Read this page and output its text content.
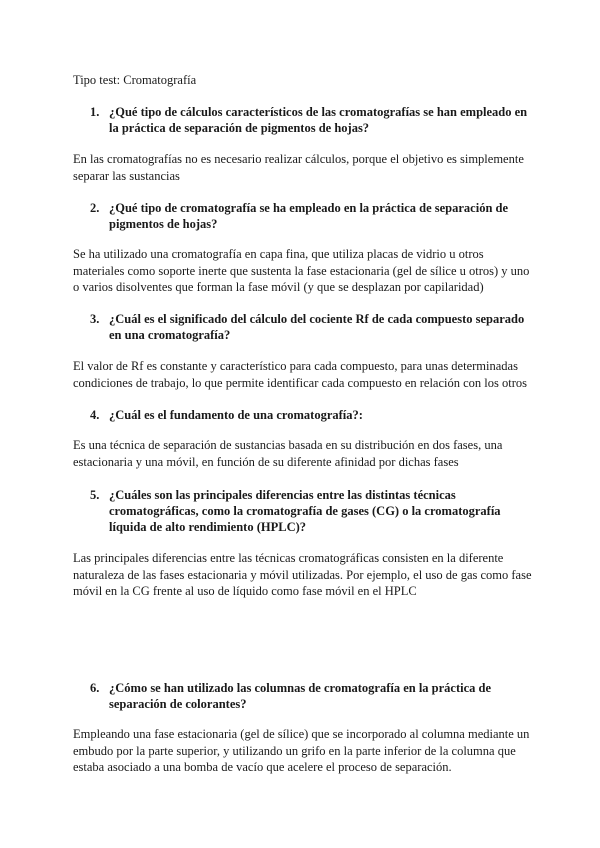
Tipo test: Cromatografía

1. ¿Qué tipo de cálculos característicos de las cromatografías se han empleado en la práctica de separación de pigmentos de hojas?

En las cromatografías no es necesario realizar cálculos, porque el objetivo es simplemente separar las sustancias

2. ¿Qué tipo de cromatografía se ha empleado en la práctica de separación de pigmentos de hojas?

Se ha utilizado una cromatografía en capa fina, que utiliza placas de vidrio u otros materiales como soporte inerte que sustenta la fase estacionaria (gel de sílice u otros) y uno o varios disolventes que forman la fase móvil (y que se desplazan por capilaridad)

3. ¿Cuál es el significado del cálculo del cociente Rf de cada compuesto separado en una cromatografía?

El valor de Rf es constante y característico para cada compuesto, para unas determinadas condiciones de trabajo, lo que permite identificar cada compuesto en relación con los otros

4. ¿Cuál es el fundamento de una cromatografía?:

Es una técnica de separación de sustancias basada en su distribución en dos fases, una estacionaria y una móvil, en función de su diferente afinidad por dichas fases

5. ¿Cuáles son las principales diferencias entre las distintas técnicas cromatográficas, como la cromatografía de gases (CG) o la cromatografía líquida de alto rendimiento (HPLC)?

Las principales diferencias entre las técnicas cromatográficas consisten en la diferente naturaleza de las fases estacionaria y móvil utilizadas. Por ejemplo, el uso de gas como fase móvil en la CG frente al uso de líquido como fase móvil en el HPLC

6. ¿Cómo se han utilizado las columnas de cromatografía en la práctica de separación de colorantes?

Empleando una fase estacionaria (gel de sílice) que se incorporado al columna mediante un embudo por la parte superior, y utilizando un grifo en la parte inferior de la columna que estaba asociado a una bomba de vacío que acelere el proceso de separación.
